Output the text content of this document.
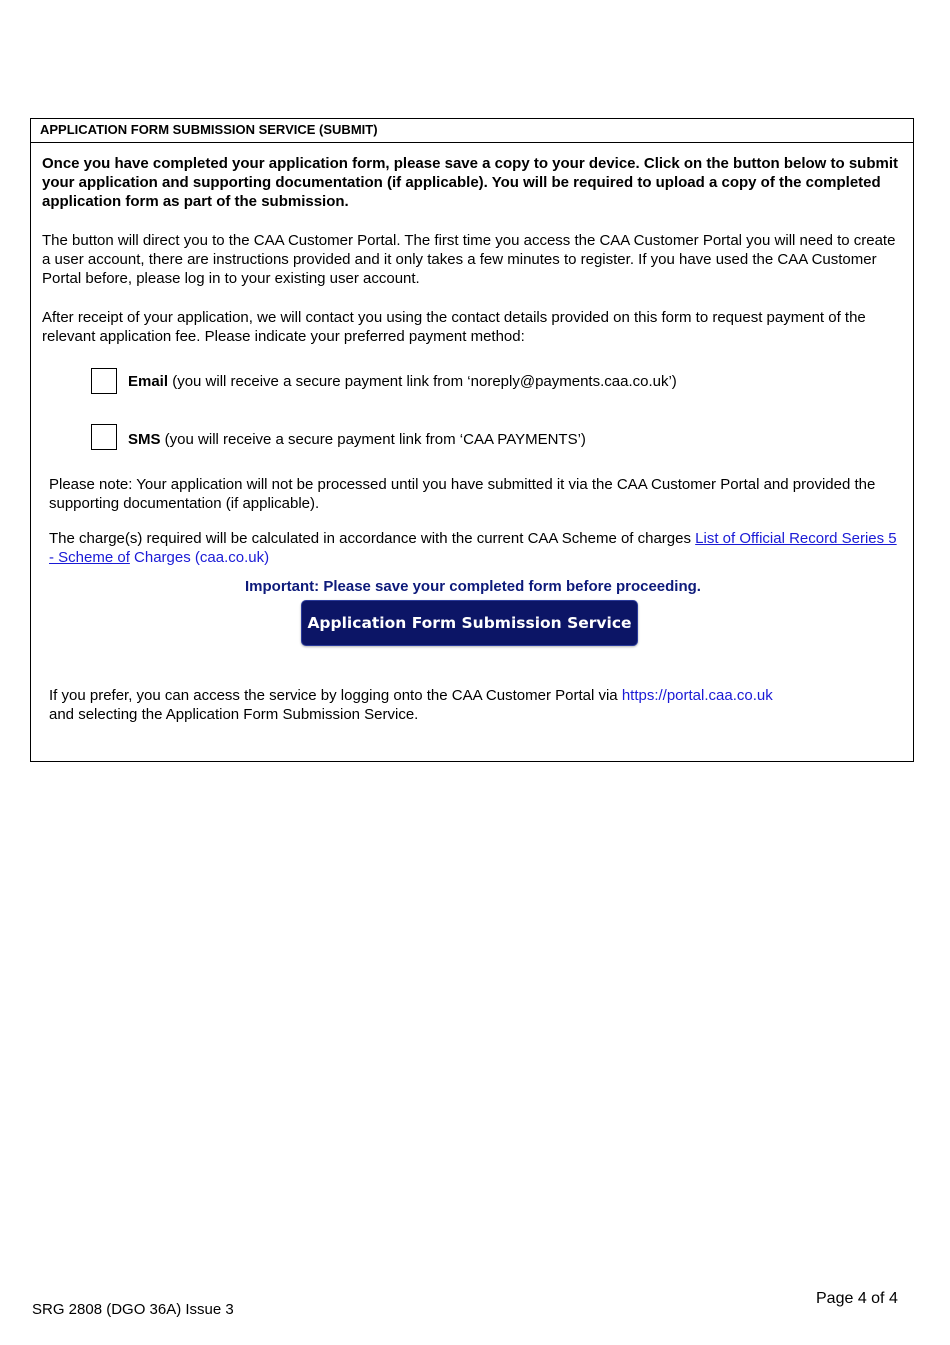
APPLICATION FORM SUBMISSION SERVICE (SUBMIT)

Once you have completed your application form, please save a copy to your device. Click on the button below to submit your application and supporting documentation (if applicable). You will be required to upload a copy of the completed application form as part of the submission.

The button will direct you to the CAA Customer Portal. The first time you access the CAA Customer Portal you will need to create a user account, there are instructions provided and it only takes a few minutes to register. If you have used the CAA Customer Portal before, please log in to your existing user account.

After receipt of your application, we will contact you using the contact details provided on this form to request payment of the relevant application fee. Please indicate your preferred payment method:

Email (you will receive a secure payment link from ‘noreply@payments.caa.co.uk’)
SMS (you will receive a secure payment link from ‘CAA PAYMENTS’)

Please note: Your application will not be processed until you have submitted it via the CAA Customer Portal and provided the supporting documentation (if applicable).

The charge(s) required will be calculated in accordance with the current CAA Scheme of charges List of Official Record Series 5 - Scheme of Charges (caa.co.uk)

Important: Please save your completed form before proceeding.
Application Form Submission Service

If you prefer, you can access the service by logging onto the CAA Customer Portal via https://portal.caa.co.uk
and selecting the Application Form Submission Service.

SRG 2808 (DGO 36A) Issue 3
Page 4 of 4
